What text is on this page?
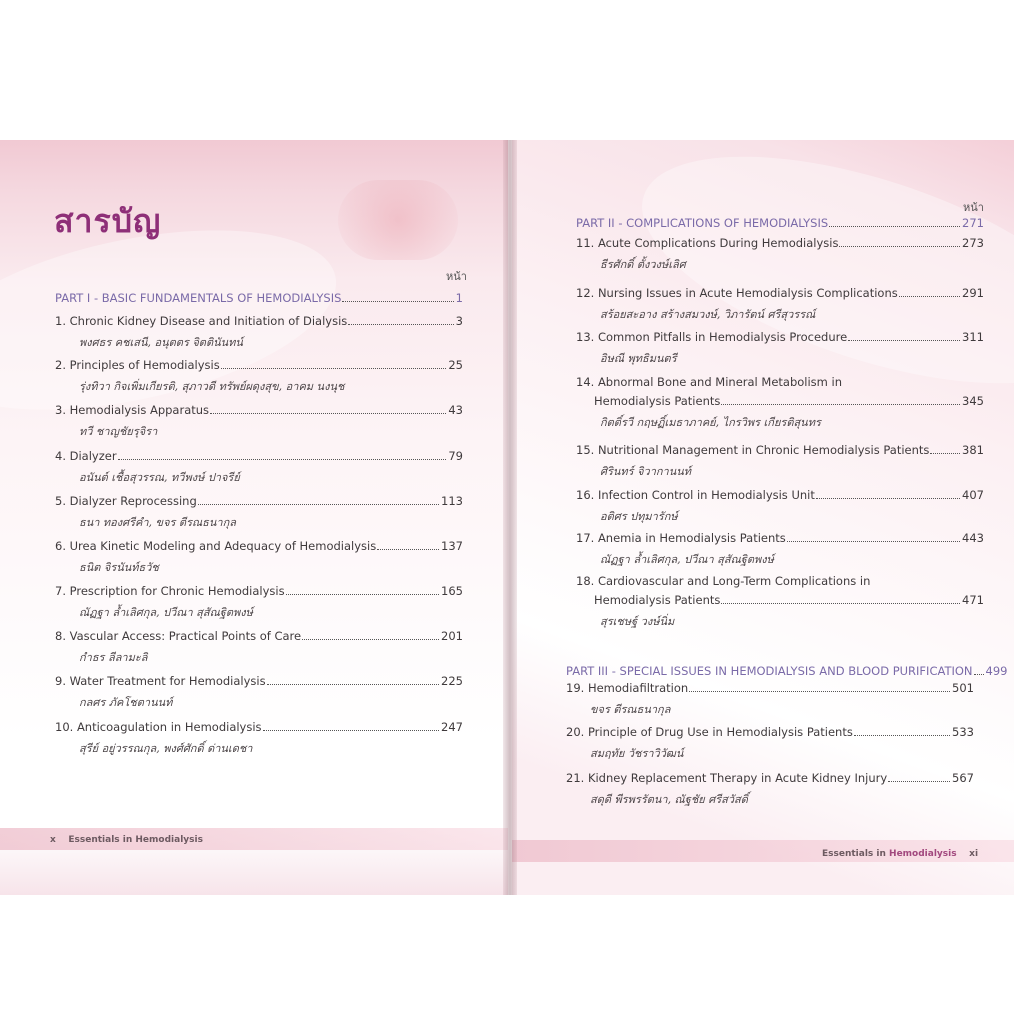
สารบัญ
หน้า
PART I - BASIC FUNDAMENTALS OF HEMODIALYSIS	1
1. Chronic Kidney Disease and Initiation of Dialysis	3
พงศธร คชเสนี, อนุตตร จิตตินันทน์
2. Principles of Hemodialysis	25
รุ่งทิวา กิจเพิ่มเกียรติ, สุภาวดี ทรัพย์ผดุงสุข, อาคม นงนุช
3. Hemodialysis Apparatus	43
ทวี ชาญชัยรุจิรา
4. Dialyzer	79
อนันต์ เชื้อสุวรรณ, ทวีพงษ์ ปาจรีย์
5. Dialyzer Reprocessing	113
ธนา ทองศรีคำ, ขจร ตีรณธนากุล
6. Urea Kinetic Modeling and Adequacy of Hemodialysis	137
ธนิต จิรนันท์ธวัช
7. Prescription for Chronic Hemodialysis	165
ณัฏฐา ล้ำเลิศกุล, ปวีณา สุสัณฐิตพงษ์
8. Vascular Access: Practical Points of Care	201
กำธร ลีลามะลิ
9. Water Treatment for Hemodialysis	225
กลศร ภัคโชตานนท์
10. Anticoagulation in Hemodialysis	247
สุรีย์ อยู่วรรณกุล, พงศ์ศักดิ์ ด่านเดชา
x Essentials in Hemodialysis
หน้า
PART II - COMPLICATIONS OF HEMODIALYSIS	271
11. Acute Complications During Hemodialysis	273
ธีรศักดิ์ ตั้งวงษ์เลิศ
12. Nursing Issues in Acute Hemodialysis Complications	291
สร้อยสะอาง สร้างสมวงษ์, วิภารัตน์ ศรีสุวรรณ์
13. Common Pitfalls in Hemodialysis Procedure	311
อิษณี พุทธิมนตรี
14. Abnormal Bone and Mineral Metabolism in
Hemodialysis Patients	345
กิตติ์รวี กฤษฏิ์เมธาภาคย์, ไกรวิพร เกียรติสุนทร
15. Nutritional Management in Chronic Hemodialysis Patients	381
ศิรินทร์ จิวากานนท์
16. Infection Control in Hemodialysis Unit	407
อติศร ปทุมารักษ์
17. Anemia in Hemodialysis Patients	443
ณัฏฐา ล้ำเลิศกุล, ปวีณา สุสัณฐิตพงษ์
18. Cardiovascular and Long-Term Complications in
Hemodialysis Patients	471
สุรเชษฐ์ วงษ์นิ่ม
PART III - SPECIAL ISSUES IN HEMODIALYSIS AND BLOOD PURIFICATION 499
19. Hemodiafiltration	501
ขจร ตีรณธนากุล
20. Principle of Drug Use in Hemodialysis Patients	533
สมฤทัย วัชราวิวัฒน์
21. Kidney Replacement Therapy in Acute Kidney Injury	567
สดุดี พีรพรรัตนา, ณัฐชัย ศรีสวัสดิ์
Essentials in Hemodialysis xi
